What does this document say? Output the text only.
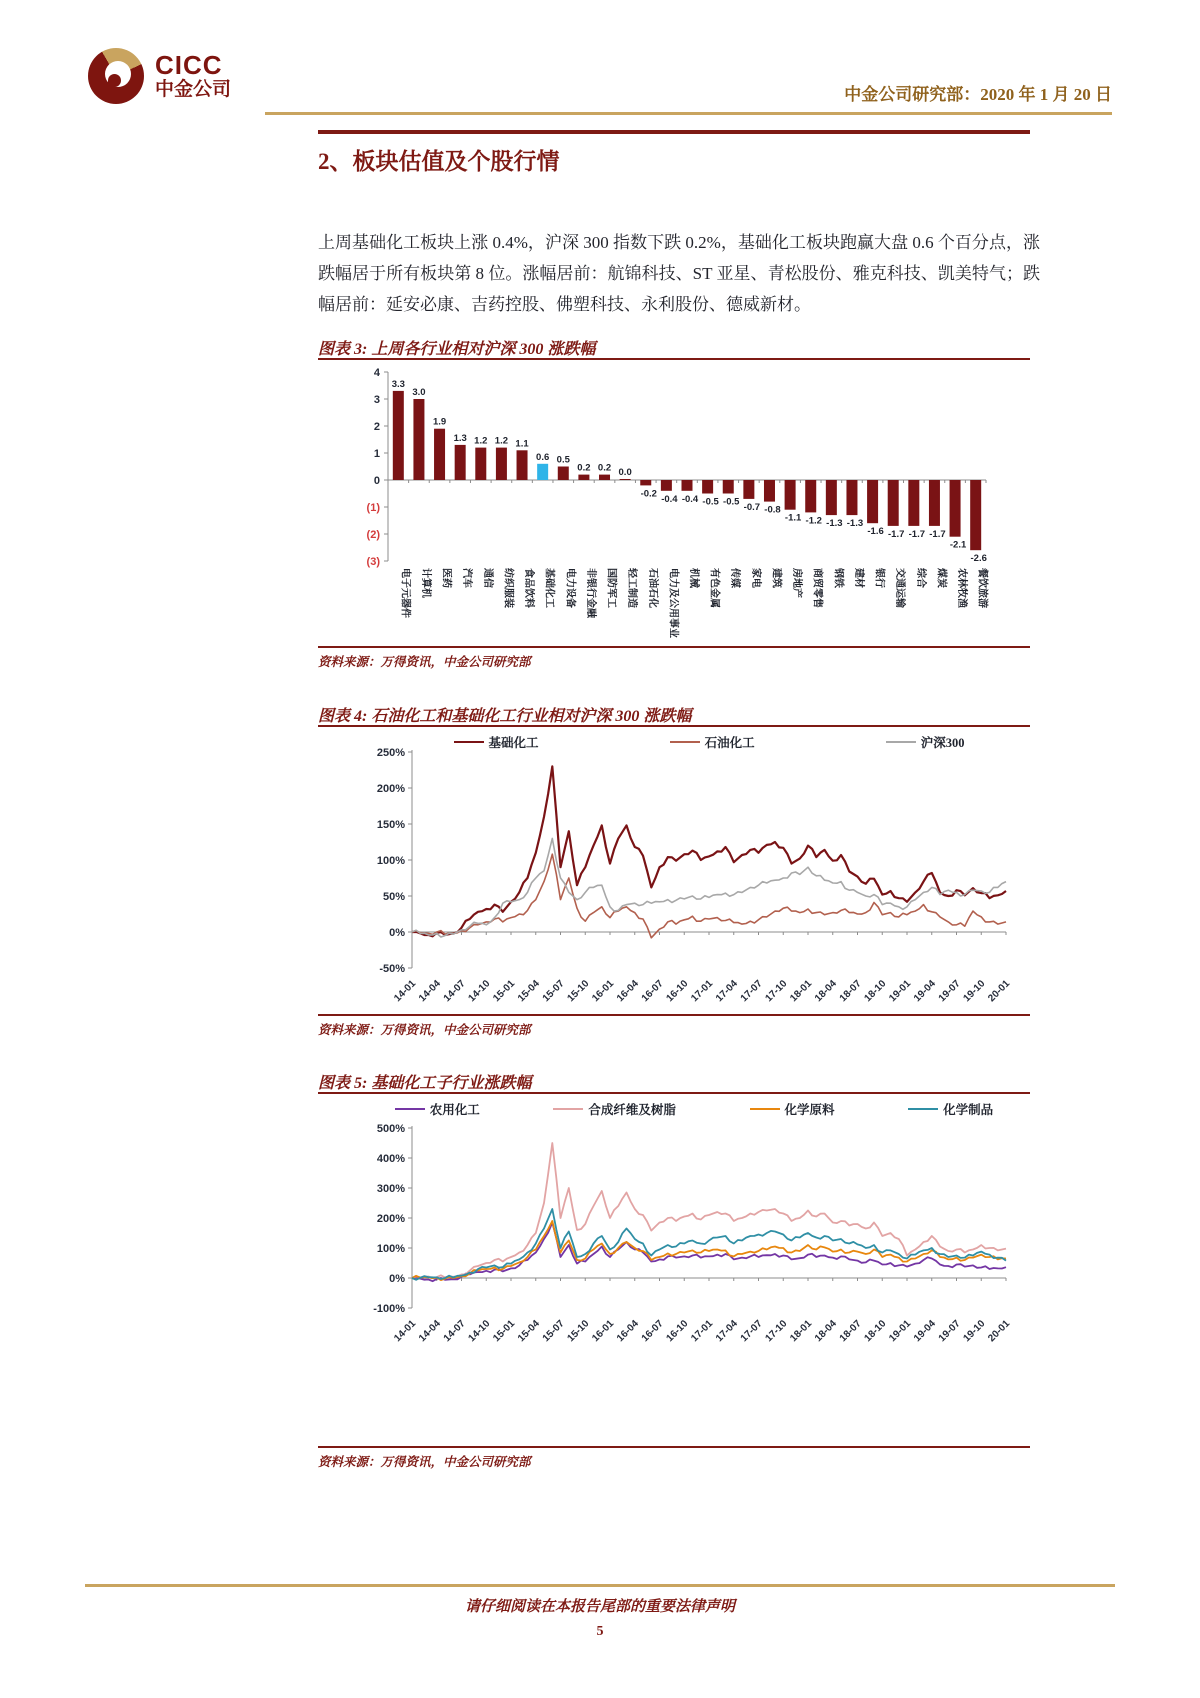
CICC
中金公司	中金公司研究部：2020 年 1 月 20 日
2、板块估值及个股行情
上周基础化工板块上涨 0.4%，沪深 300 指数下跌 0.2%，基础化工板块跑赢大盘 0.6 个百分点，涨跌幅居于所有板块第 8 位。涨幅居前：航锦科技、ST 亚星、青松股份、雅克科技、凯美特气；跌幅居前：延安必康、吉药控股、佛塑科技、永利股份、德威新材。
图表 3: 上周各行业相对沪深 300 涨跌幅
4
3
2
1
0
(1)
(2)
(3)
3.3
电子元器件
3.0
计算机
1.9
医药
1.3
汽车
1.2
通信
1.2
纺织服装
1.1
食品饮料
0.6
基础化工
0.5
电力设备
0.2
非银行金融
0.2
国防军工
0.0
轻工制造
-0.2
石油石化
-0.4
电力及公用事业
-0.4
机械
-0.5
有色金属
-0.5
传媒
-0.7
家电
-0.8
建筑
-1.1
房地产
-1.2
商贸零售
-1.3
钢铁
-1.3
建材
-1.6
银行
-1.7
交通运输
-1.7
综合
-1.7
煤炭
-2.1
农林牧渔
-2.6
餐饮旅游
资料来源：万得资讯，中金公司研究部
图表 4: 石油化工和基础化工行业相对沪深 300 涨跌幅
基础化工	石油化工	沪深300
250%
200%
150%
100%
50%
0%
-50%
14-01
14-04
14-07
14-10
15-01
15-04
15-07
15-10
16-01
16-04
16-07
16-10
17-01
17-04
17-07
17-10
18-01
18-04
18-07
18-10
19-01
19-04
19-07
19-10
20-01
资料来源：万得资讯，中金公司研究部
图表 5: 基础化工子行业涨跌幅
农用化工	合成纤维及树脂	化学原料	化学制品
500%
400%
300%
200%
100%
0%
-100%
14-01
14-04
14-07
14-10
15-01
15-04
15-07
15-10
16-01
16-04
16-07
16-10
17-01
17-04
17-07
17-10
18-01
18-04
18-07
18-10
19-01
19-04
19-07
19-10
20-01
资料来源：万得资讯，中金公司研究部
请仔细阅读在本报告尾部的重要法律声明
5
